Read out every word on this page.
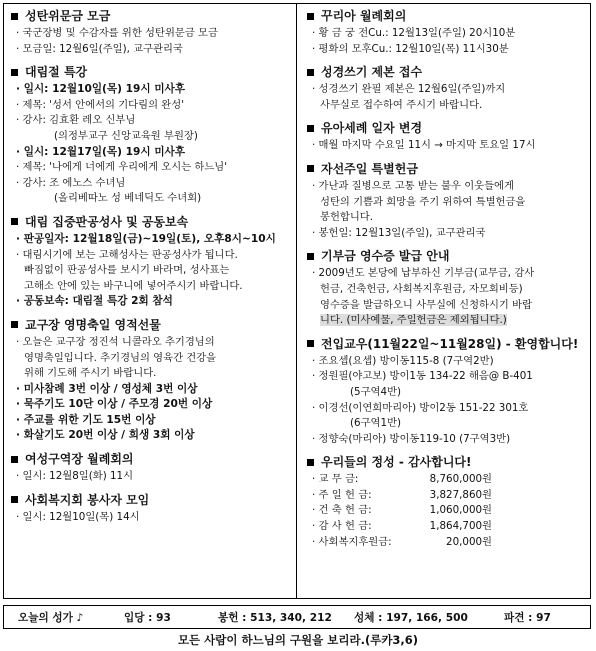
성탄위문금 모금
· 국군장병 및 수감자를 위한 성탄위문금 모금
· 모금일: 12월6일(주일), 교구관리국
대림절 특강
· 일시: 12월10일(목) 19시 미사후
· 제목: '성서 안에서의 기다림의 완성'
· 강사: 김효환 레오 신부님
(의정부교구 신앙교육원 부원장)
· 일시: 12월17일(목) 19시 미사후
· 제목: '나에게 너에게 우리에게 오시는 하느님'
· 강사: 조 에노스 수녀님
(올리베따노 성 베네딕도 수녀회)
대림 집중판공성사 및 공동보속
· 판공일자: 12월18일(금)~19일(토), 오후8시~10시
· 대림시기에 보는 고해성사는 판공성사가 됩니다.
빠짐없이 판공성사를 보시기 바라며, 성사표는
고해소 안에 있는 바구니에 넣어주시기 바랍니다.
· 공동보속: 대림절 특강 2회 참석
교구장 영명축일 영적선물
· 오늘은 교구장 정진석 니콜라오 추기경님의
영명축일입니다. 추기경님의 영육간 건강을
위해 기도해 주시기 바랍니다.
· 미사참례 3번 이상 / 영성체 3번 이상
· 묵주기도 10단 이상 / 주모경 20번 이상
· 주교를 위한 기도 15번 이상
· 화살기도 20번 이상 / 희생 3회 이상
여성구역장 월례회의
· 일시: 12월8일(화) 11시
사회복지회 봉사자 모임
· 일시: 12월10일(목) 14시
꾸리아 월례회의
· 황 금 궁 전Cu.: 12월13일(주일) 20시10분
· 평화의 모후Cu.: 12월10일(목) 11시30분
성경쓰기 제본 접수
· 성경쓰기 완필 제본은 12월6일(주일)까지
사무실로 접수하여 주시기 바랍니다.
유아세례 일자 변경
· 매월 마지막 수요일 11시 → 마지막 토요일 17시
자선주일 특별헌금
· 가난과 질병으로 고통 받는 불우 이웃들에게
성탄의 기쁨과 희망을 주기 위하여 특별헌금을
봉헌합니다.
· 봉헌일: 12월13일(주일), 교구관리국
기부금 영수증 발급 안내
· 2009년도 본당에 납부하신 기부금(교무금, 감사
헌금, 건축헌금, 사회복지후원금, 자모회비등)
영수증을 발급하오니 사무실에 신청하시기 바랍
니다. (미사예물, 주일헌금은 제외됩니다.)
전입교우(11월22일~11월28일) - 환영합니다!
· 조요셉(요셉) 방이동115-8 (7구역2반)
· 정원필(야고보) 방이1동 134-22 해음@ B-401
(5구역4반)
· 이경선(이연희마리아) 방이2동 151-22 301호
(6구역1반)
· 정향숙(마리아) 방이동119-10 (7구역3반)
우리들의 정성 - 감사합니다!
· 교 무 금:	8,760,000원
· 주 일 헌 금:	3,827,860원
· 건 축 헌 금:	1,060,000원
· 감 사 헌 금:	1,864,700원
· 사회복지후원금:	20,000원
오늘의 성가 ♪	입당 : 93	봉헌 : 513, 340, 212	성체 : 197, 166, 500	파견 : 97
모든 사람이 하느님의 구원을 보리라.(루카3,6)
